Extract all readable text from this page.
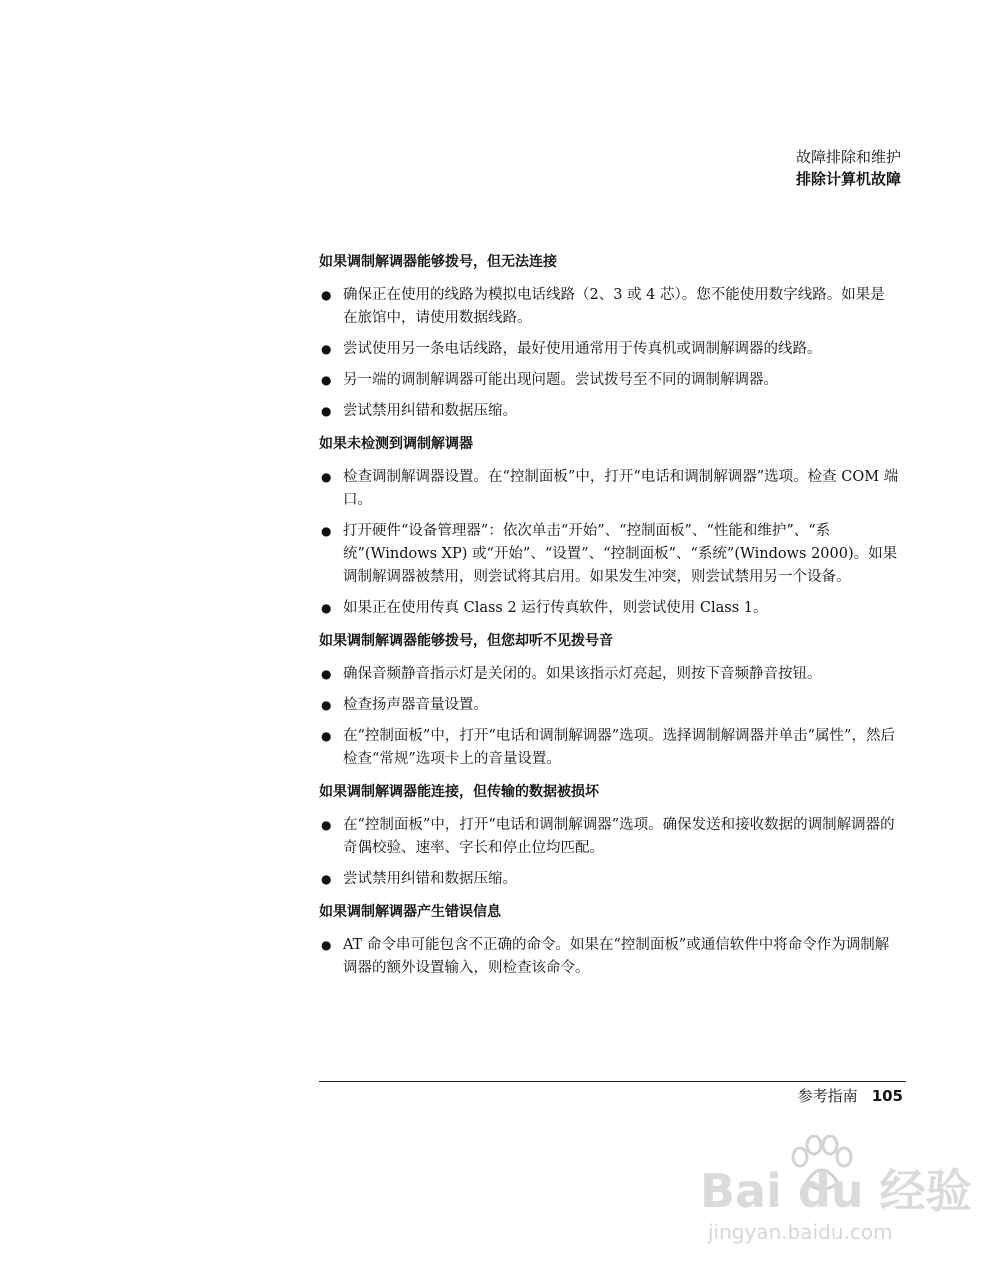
故障排除和维护
排除计算机故障
如果调制解调器能够拨号，但无法连接
● 确保正在使用的线路为模拟电话线路（2、3 或 4 芯）。您不能使用数字线路。如果是在旅馆中，请使用数据线路。
● 尝试使用另一条电话线路，最好使用通常用于传真机或调制解调器的线路。
● 另一端的调制解调器可能出现问题。尝试拨号至不同的调制解调器。
● 尝试禁用纠错和数据压缩。
如果未检测到调制解调器
● 检查调制解调器设置。在“控制面板”中，打开“电话和调制解调器”选项。检查 COM 端口。
● 打开硬件“设备管理器”：依次单击“开始”、“控制面板”、“性能和维护”、“系统”(Windows XP) 或“开始”、“设置”、“控制面板”、“系统”(Windows 2000)。如果调制解调器被禁用，则尝试将其启用。如果发生冲突，则尝试禁用另一个设备。
● 如果正在使用传真 Class 2 运行传真软件，则尝试使用 Class 1。
如果调制解调器能够拨号，但您却听不见拨号音
● 确保音频静音指示灯是关闭的。如果该指示灯亮起，则按下音频静音按钮。
● 检查扬声器音量设置。
● 在“控制面板”中，打开“电话和调制解调器”选项。选择调制解调器并单击“属性”，然后检查“常规”选项卡上的音量设置。
如果调制解调器能连接，但传输的数据被损坏
● 在“控制面板”中，打开“电话和调制解调器”选项。确保发送和接收数据的调制解调器的奇偶校验、速率、字长和停止位均匹配。
● 尝试禁用纠错和数据压缩。
如果调制解调器产生错误信息
● AT 命令串可能包含不正确的命令。如果在“控制面板”或通信软件中将命令作为调制解调器的额外设置输入，则检查该命令。
参考指南 105
Bai du 经验
jingyan.baidu.com
